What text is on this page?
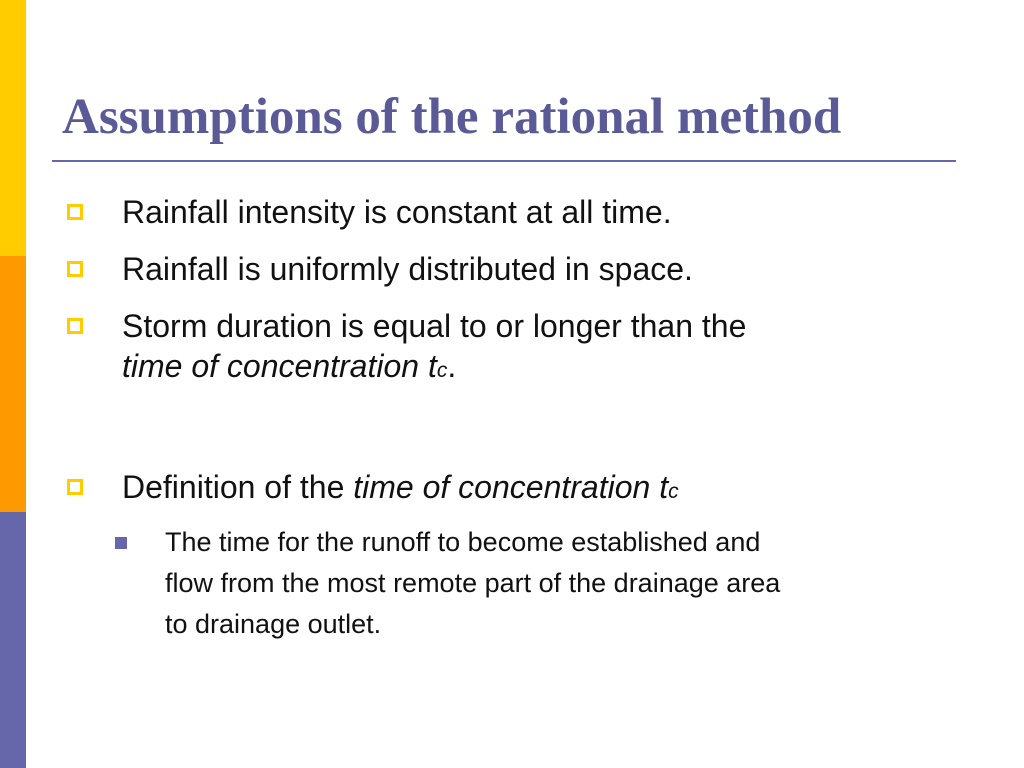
Assumptions of the rational method
Rainfall intensity is constant at all time.
Rainfall is uniformly distributed in space.
Storm duration is equal to or longer than the
time of concentration tc.
Definition of the time of concentration tc
The time for the runoff to become established and
flow from the most remote part of the drainage area
to drainage outlet.
